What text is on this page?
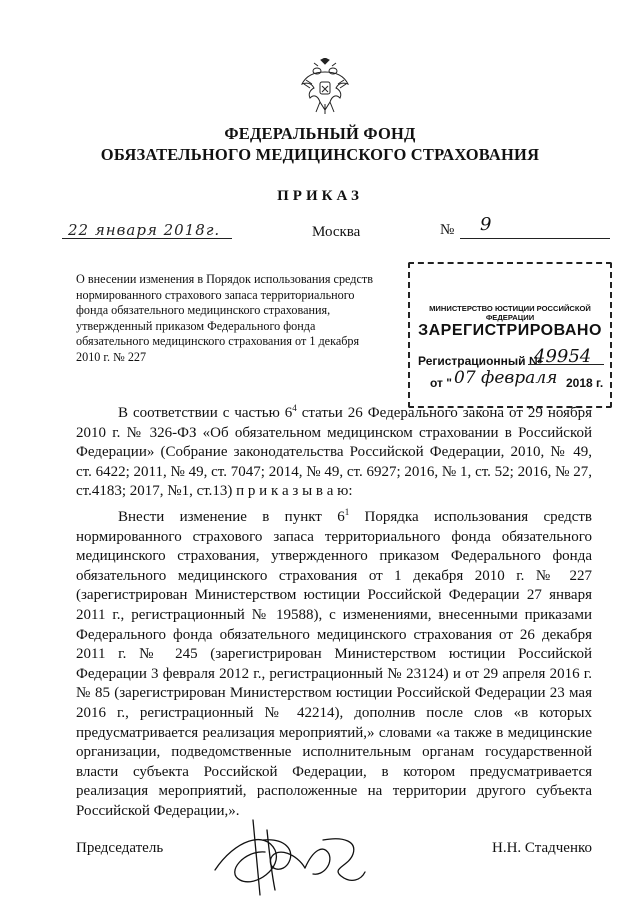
ФЕДЕРАЛЬНЫЙ ФОНД
ОБЯЗАТЕЛЬНОГО МЕДИЦИНСКОГО СТРАХОВАНИЯ
ПРИКАЗ
22 января 2018г.	Москва	№ 9
О внесении изменения в Порядок использования средств нормированного страхового запаса территориального фонда обязательного медицинского страхования, утвержденный приказом Федерального фонда обязательного медицинского страхования от 1 декабря 2010 г. № 227
МИНИСТЕРСТВО ЮСТИЦИИ РОССИЙСКОЙ ФЕДЕРАЦИИ
ЗАРЕГИСТРИРОВАНО
Регистрационный №
49954
от " 07 февраля 2018 г.
В соответствии с частью $6^4$ статьи 26 Федерального закона от 29 ноября 2010 г. № 326-ФЗ «Об обязательном медицинском страховании в Российской Федерации» (Собрание законодательства Российской Федерации, 2010, № 49, ст. 6422; 2011, № 49, ст. 7047; 2014, № 49, ст. 6927; 2016, № 1, ст. 52; 2016, № 27, ст.4183; 2017, №1, ст.13) п р и к а з ы в а ю:
Внести изменение в пункт $6^1$ Порядка использования средств нормированного страхового запаса территориального фонда обязательного медицинского страхования, утвержденного приказом Федерального фонда обязательного медицинского страхования от 1 декабря 2010 г. № 227 (зарегистрирован Министерством юстиции Российской Федерации 27 января 2011 г., регистрационный № 19588), с изменениями, внесенными приказами Федерального фонда обязательного медицинского страхования от 26 декабря 2011 г. № 245 (зарегистрирован Министерством юстиции Российской Федерации 3 февраля 2012 г., регистрационный № 23124) и от 29 апреля 2016 г. № 85 (зарегистрирован Министерством юстиции Российской Федерации 23 мая 2016 г., регистрационный № 42214), дополнив после слов «в которых предусматривается реализация мероприятий,» словами «а также в медицинские организации, подведомственные исполнительным органам государственной власти субъекта Российской Федерации, в котором предусматривается реализация мероприятий, расположенные на территории другого субъекта Российской Федерации,».
Председатель	Н.Н. Стадченко
